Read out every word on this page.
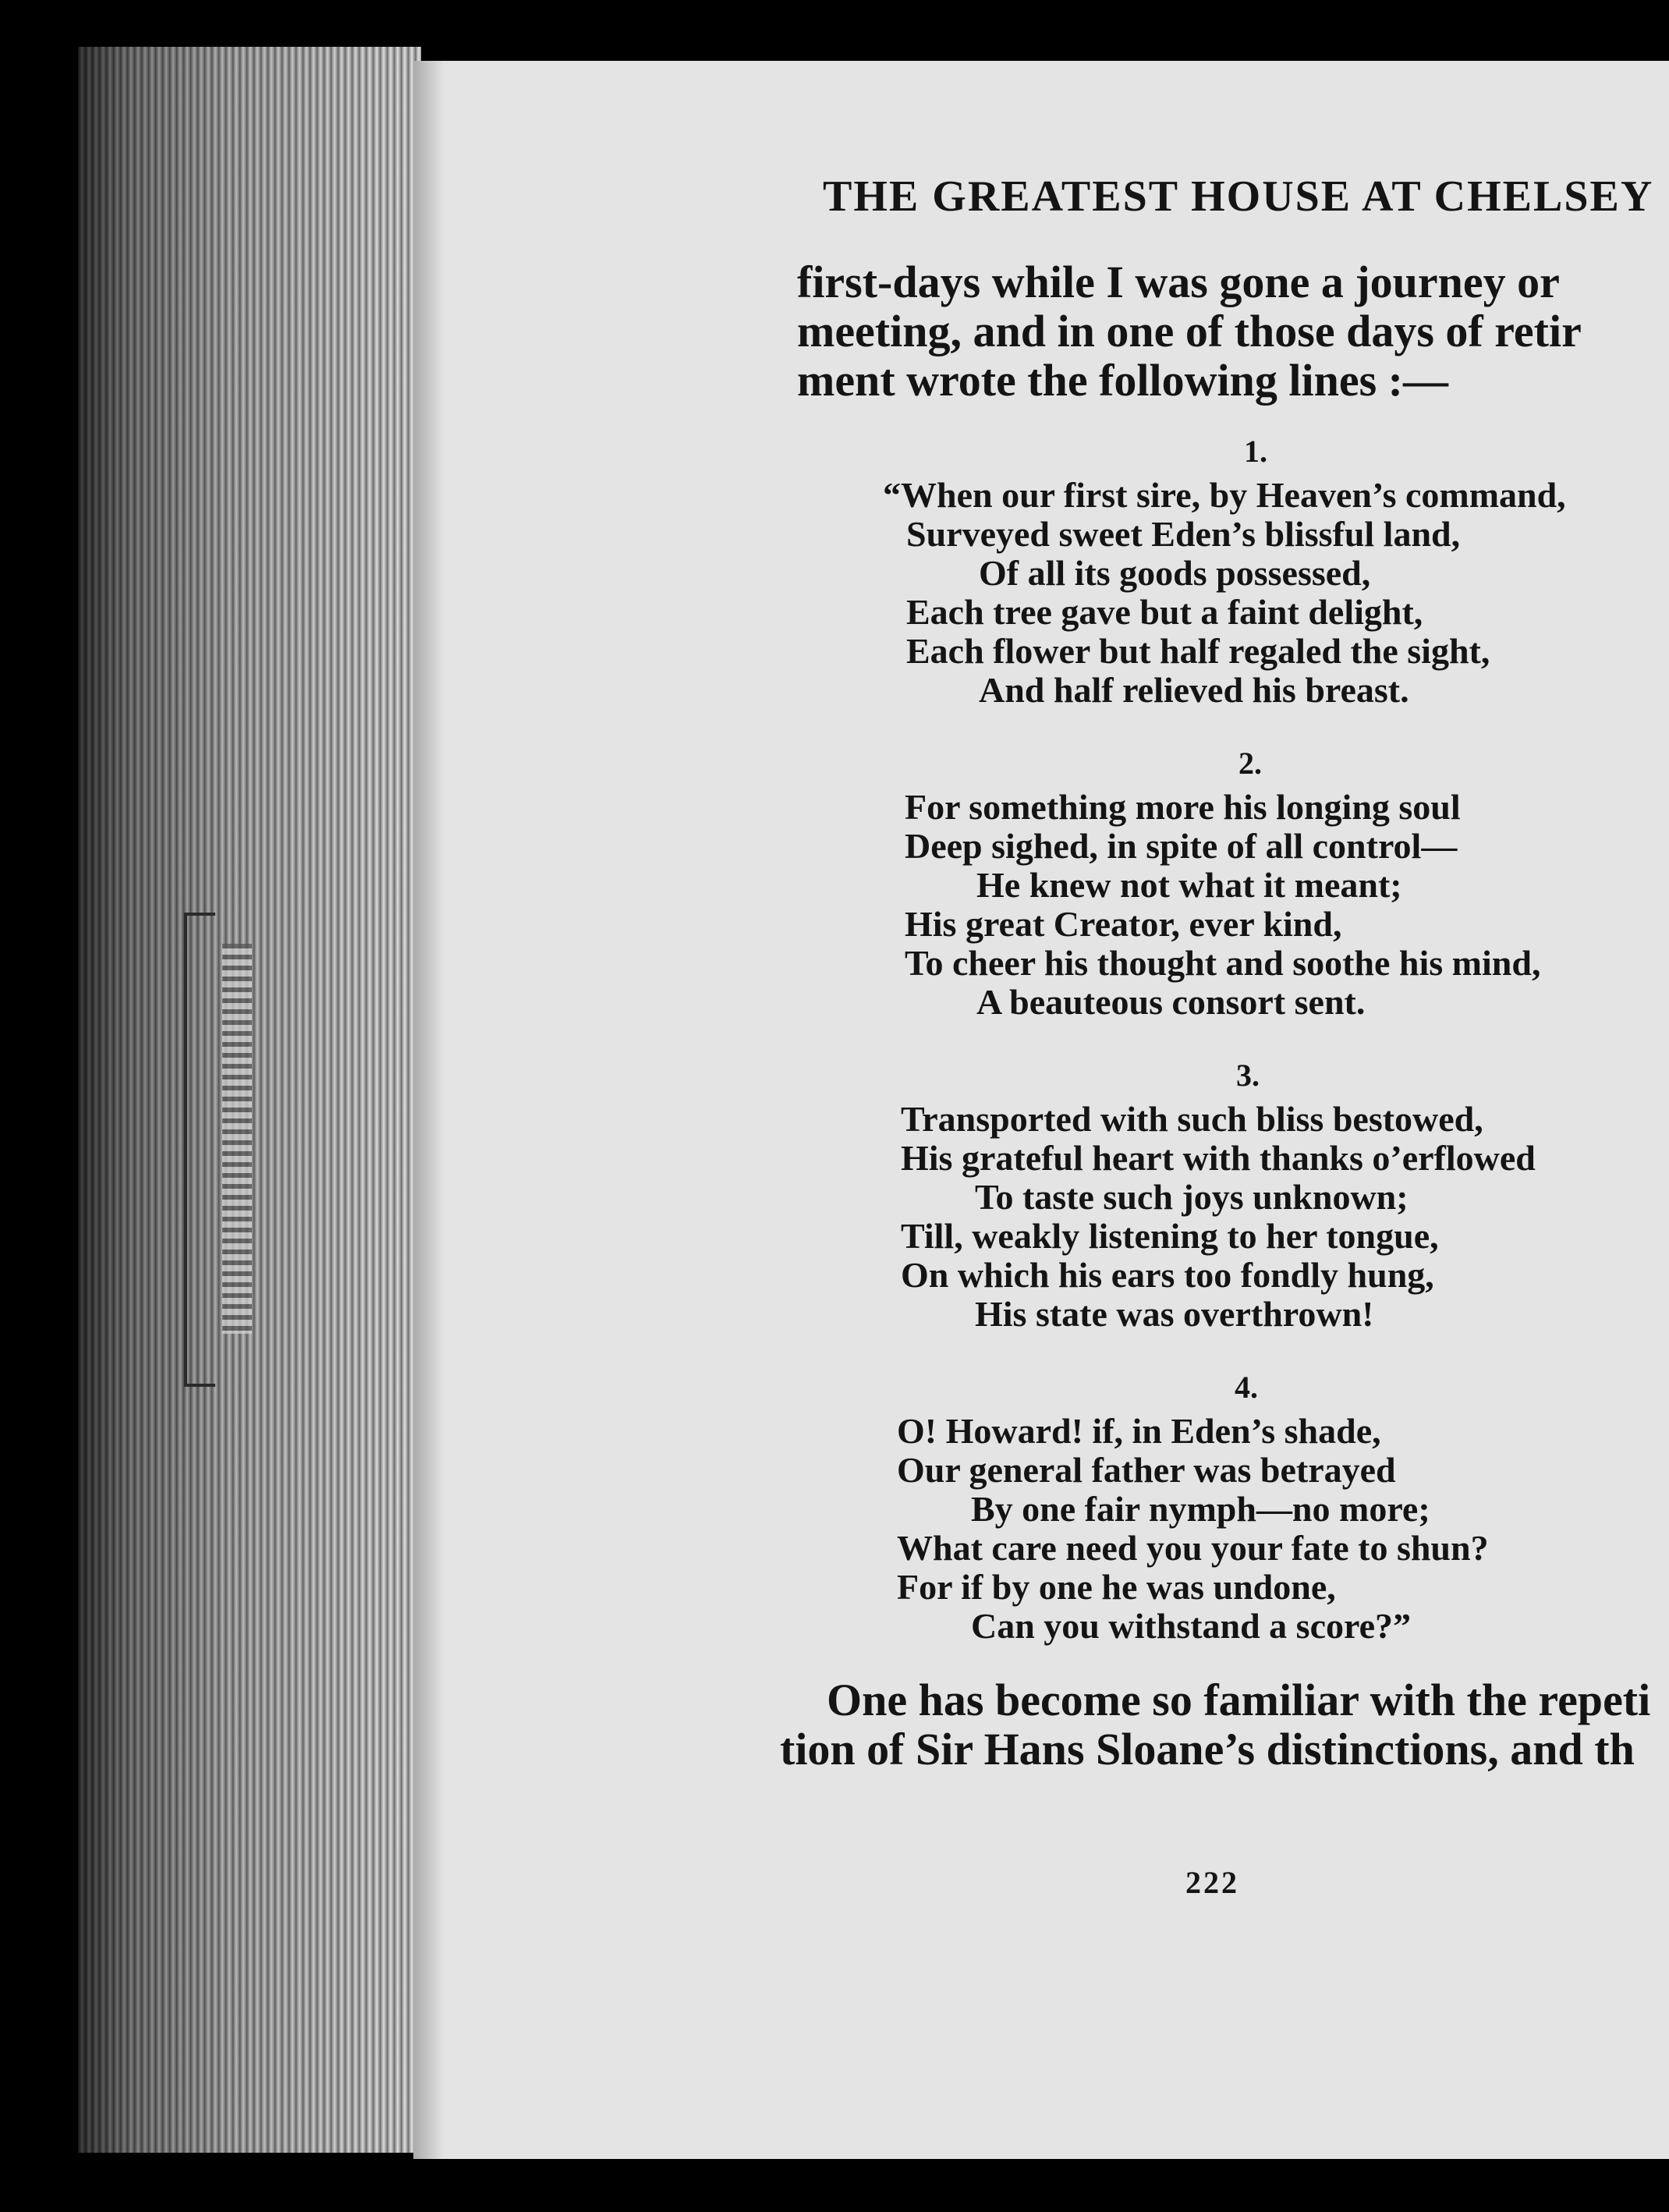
THE GREATEST HOUSE AT CHELSEY
first-days while I was gone a journey or
meeting, and in one of those days of retir
ment wrote the following lines :—
1.
“When our first sire, by Heaven’s command,
Surveyed sweet Eden’s blissful land,
Of all its goods possessed,
Each tree gave but a faint delight,
Each flower but half regaled the sight,
And half relieved his breast.
2.
For something more his longing soul
Deep sighed, in spite of all control—
He knew not what it meant;
His great Creator, ever kind,
To cheer his thought and soothe his mind,
A beauteous consort sent.
3.
Transported with such bliss bestowed,
His grateful heart with thanks o’erflowed
To taste such joys unknown;
Till, weakly listening to her tongue,
On which his ears too fondly hung,
His state was overthrown!
4.
O! Howard! if, in Eden’s shade,
Our general father was betrayed
By one fair nymph—no more;
What care need you your fate to shun?
For if by one he was undone,
Can you withstand a score?”
One has become so familiar with the repeti
tion of Sir Hans Sloane’s distinctions, and th
222
